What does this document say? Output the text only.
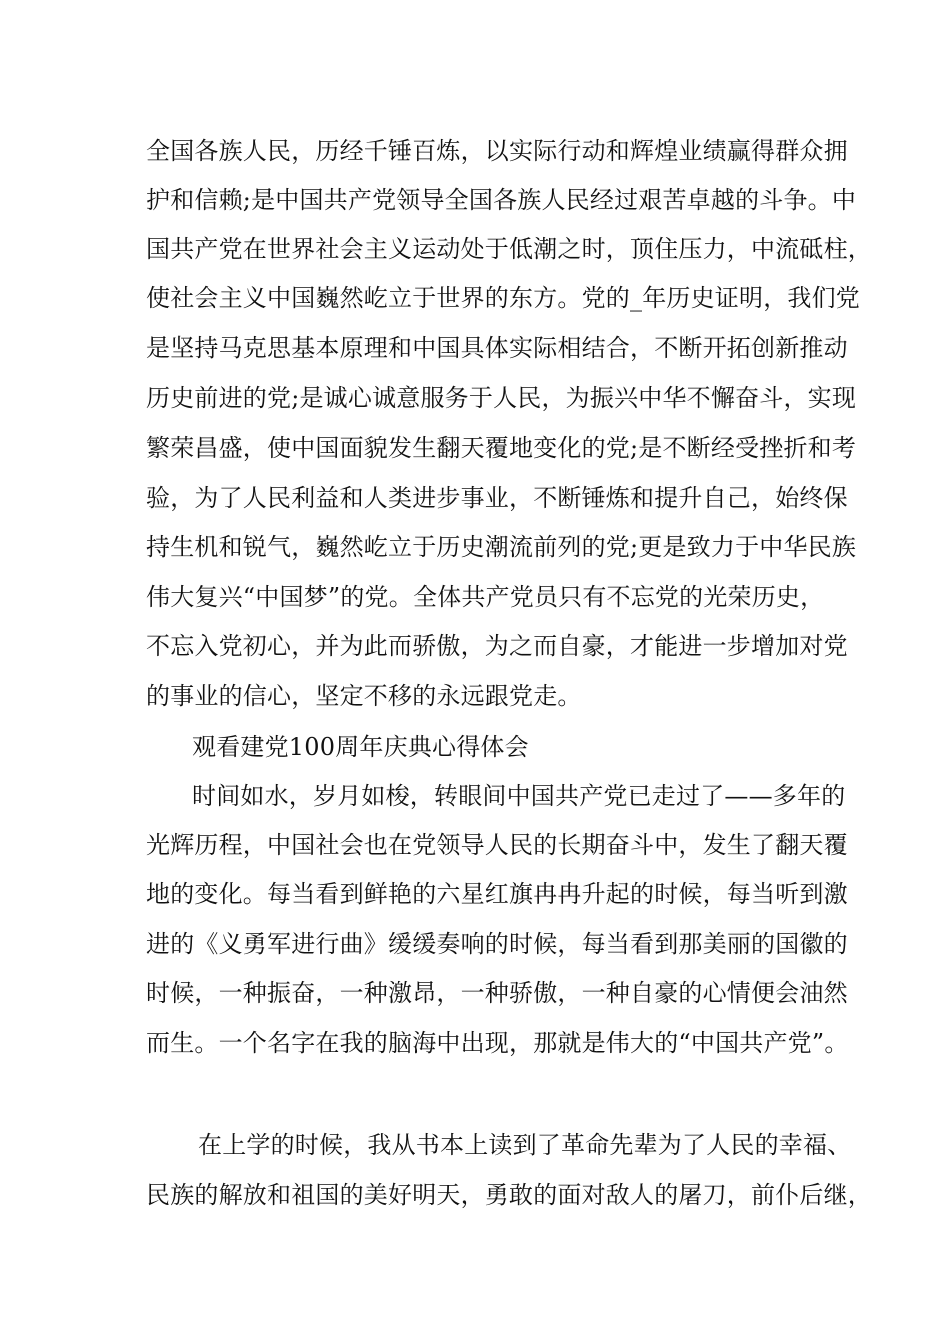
全国各族人民，历经千锤百炼，以实际行动和辉煌业绩赢得群众拥
护和信赖;是中国共产党领导全国各族人民经过艰苦卓越的斗争。中
国共产党在世界社会主义运动处于低潮之时，顶住压力，中流砥柱，
使社会主义中国巍然屹立于世界的东方。党的_年历史证明，我们党
是坚持马克思基本原理和中国具体实际相结合，不断开拓创新推动
历史前进的党;是诚心诚意服务于人民，为振兴中华不懈奋斗，实现
繁荣昌盛，使中国面貌发生翻天覆地变化的党;是不断经受挫折和考
验，为了人民利益和人类进步事业，不断锤炼和提升自己，始终保
持生机和锐气，巍然屹立于历史潮流前列的党;更是致力于中华民族
伟大复兴“中国梦”的党。全体共产党员只有不忘党的光荣历史，
不忘入党初心，并为此而骄傲，为之而自豪，才能进一步增加对党
的事业的信心，坚定不移的永远跟党走。
观看建党100周年庆典心得体会
时间如水，岁月如梭，转眼间中国共产党已走过了——多年的
光辉历程，中国社会也在党领导人民的长期奋斗中，发生了翻天覆
地的变化。每当看到鲜艳的六星红旗冉冉升起的时候，每当听到激
进的《义勇军进行曲》缓缓奏响的时候，每当看到那美丽的国徽的
时候，一种振奋，一种激昂，一种骄傲，一种自豪的心情便会油然
而生。一个名字在我的脑海中出现，那就是伟大的“中国共产党”。
在上学的时候，我从书本上读到了革命先辈为了人民的幸福、
民族的解放和祖国的美好明天，勇敢的面对敌人的屠刀，前仆后继，
